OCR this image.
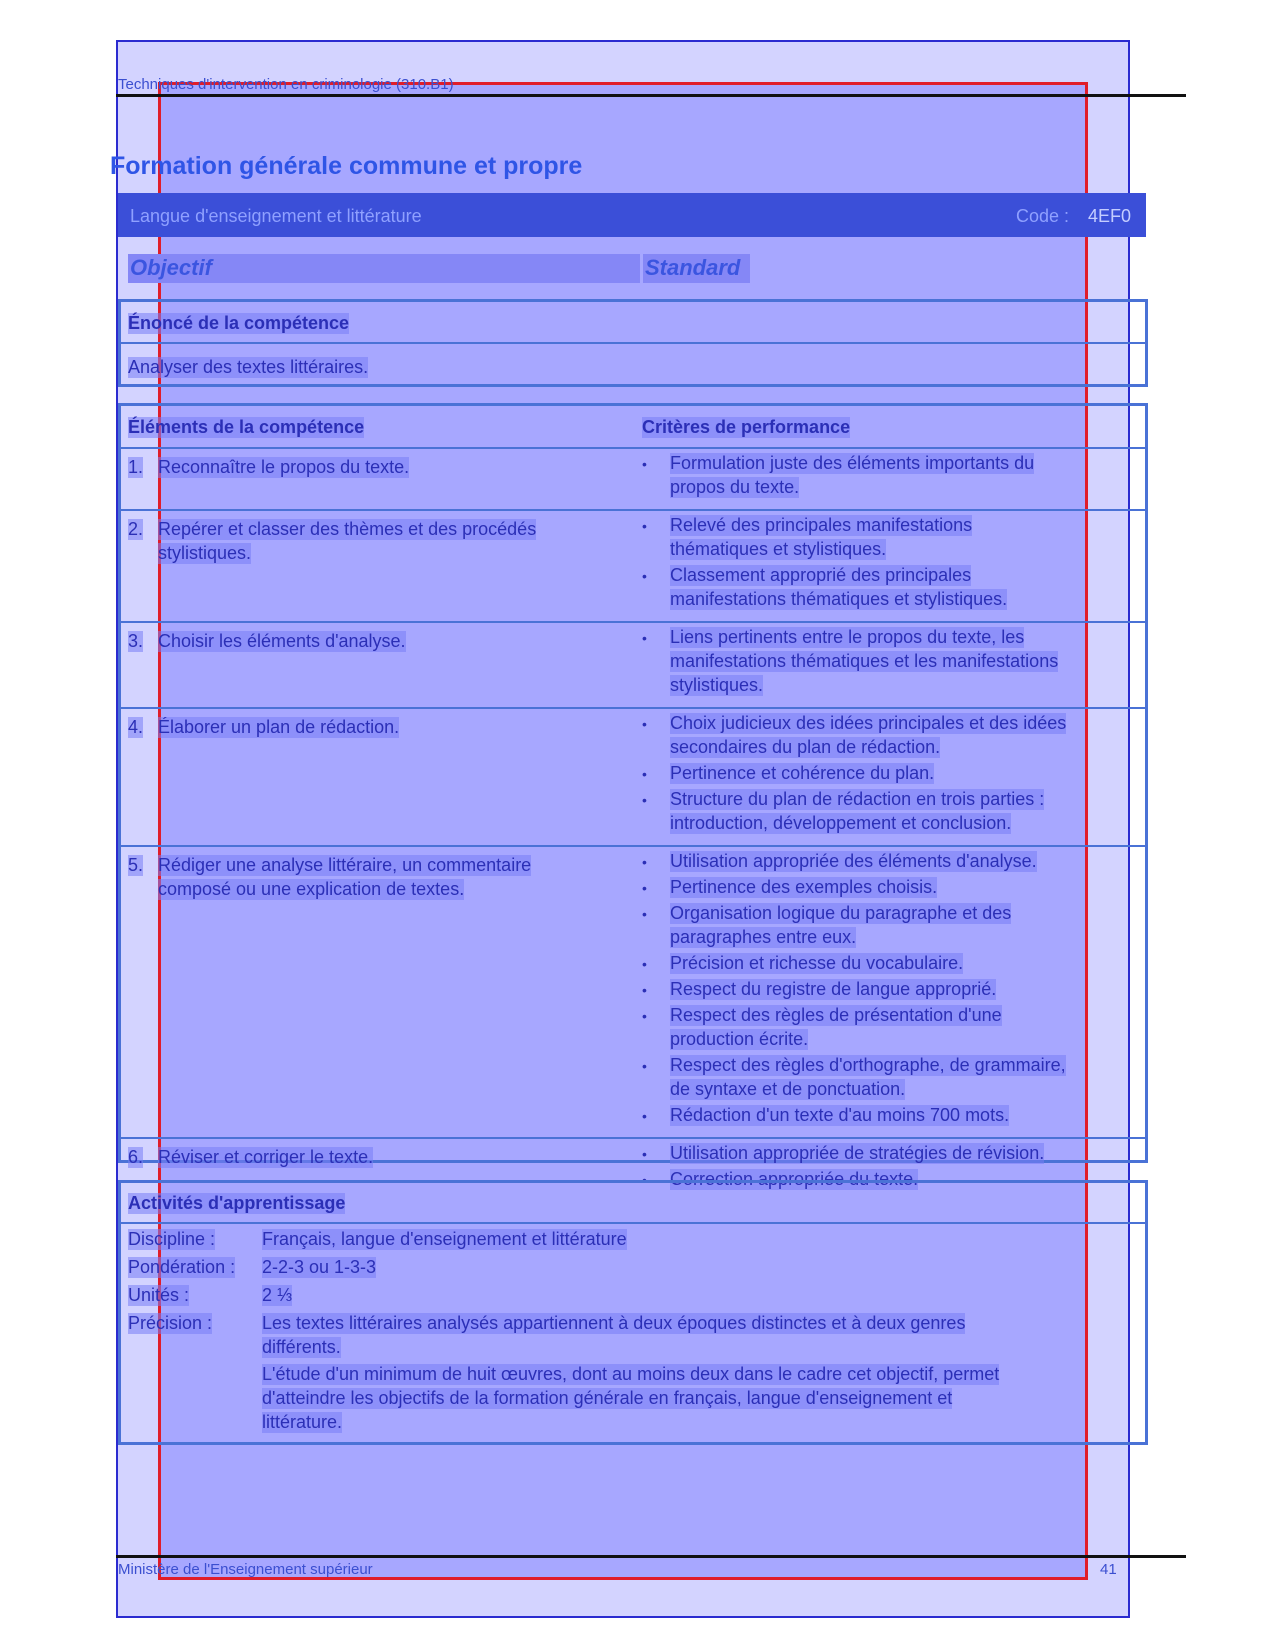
Techniques d'intervention en criminologie (310.B1)
Formation générale commune et propre
Langue d'enseignement et littérature	Code : 4EF0
Objectif	Standard
Énoncé de la compétence
Analyser des textes littéraires.
Éléments de la compétence	Critères de performance
1. Reconnaître le propos du texte.	• Formulation juste des éléments importants du
propos du texte.
2. Repérer et classer des thèmes et des procédés
stylistiques.
• Relevé des principales manifestations
thématiques et stylistiques.
• Classement approprié des principales
manifestations thématiques et stylistiques.
3. Choisir les éléments d'analyse.	• Liens pertinents entre le propos du texte, les
manifestations thématiques et les manifestations
stylistiques.
4. Élaborer un plan de rédaction.	• Choix judicieux des idées principales et des idées
secondaires du plan de rédaction.
• Pertinence et cohérence du plan.
• Structure du plan de rédaction en trois parties :
introduction, développement et conclusion.
5. Rédiger une analyse littéraire, un commentaire
composé ou une explication de textes.
• Utilisation appropriée des éléments d'analyse.
• Pertinence des exemples choisis.
• Organisation logique du paragraphe et des
paragraphes entre eux.
• Précision et richesse du vocabulaire.
• Respect du registre de langue approprié.
• Respect des règles de présentation d'une
production écrite.
• Respect des règles d'orthographe, de grammaire,
de syntaxe et de ponctuation.
• Rédaction d'un texte d'au moins 700 mots.
6. Réviser et corriger le texte.	• Utilisation appropriée de stratégies de révision.
• Correction appropriée du texte.
Activités d'apprentissage
Discipline :	Français, langue d'enseignement et littérature
Pondération : 2-2-3 ou 1-3-3
Unités :	2 ⅓
Précision :	Les textes littéraires analysés appartiennent à deux époques distinctes et à deux genres
différents.
L'étude d'un minimum de huit œuvres, dont au moins deux dans le cadre cet objectif, permet
d'atteindre les objectifs de la formation générale en français, langue d'enseignement et
littérature.
Ministère de l'Enseignement supérieur	41
